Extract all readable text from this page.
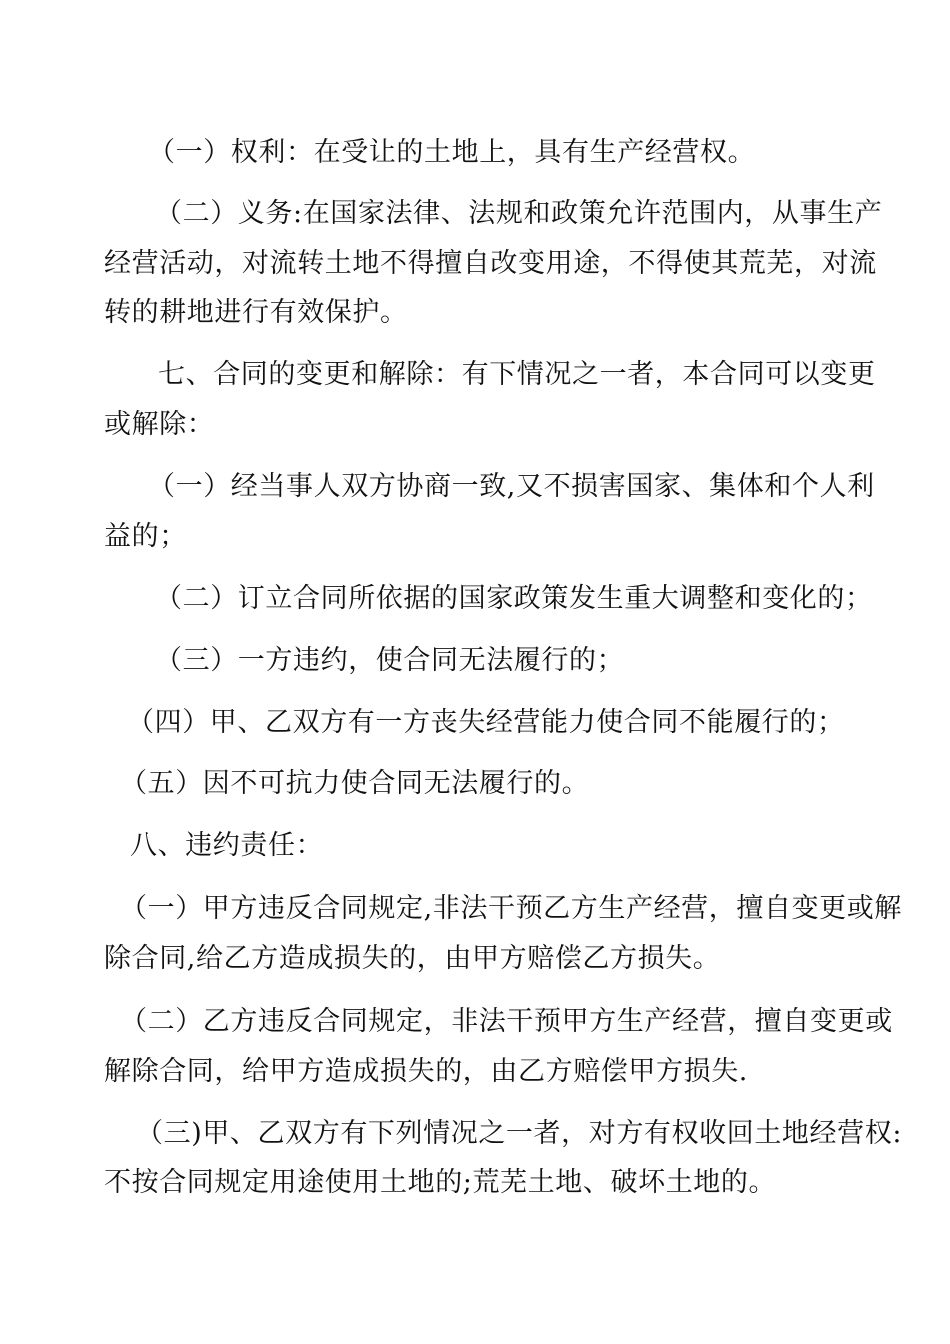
（一）权利：在受让的土地上，具有生产经营权。
（二）义务:在国家法律、法规和政策允许范围内，从事生产
经营活动，对流转土地不得擅自改变用途，不得使其荒芜，对流
转的耕地进行有效保护。
七、合同的变更和解除：有下情况之一者，本合同可以变更
或解除：
（一）经当事人双方协商一致,又不损害国家、集体和个人利
益的；
（二）订立合同所依据的国家政策发生重大调整和变化的；
（三）一方违约，使合同无法履行的；
（四）甲、乙双方有一方丧失经营能力使合同不能履行的；
（五）因不可抗力使合同无法履行的。
八、违约责任：
（一）甲方违反合同规定,非法干预乙方生产经营，擅自变更或解
除合同,给乙方造成损失的，由甲方赔偿乙方损失。
（二）乙方违反合同规定，非法干预甲方生产经营，擅自变更或
解除合同，给甲方造成损失的，由乙方赔偿甲方损失.
（三)甲、乙双方有下列情况之一者，对方有权收回土地经营权:
不按合同规定用途使用土地的;荒芜土地、破坏土地的。
